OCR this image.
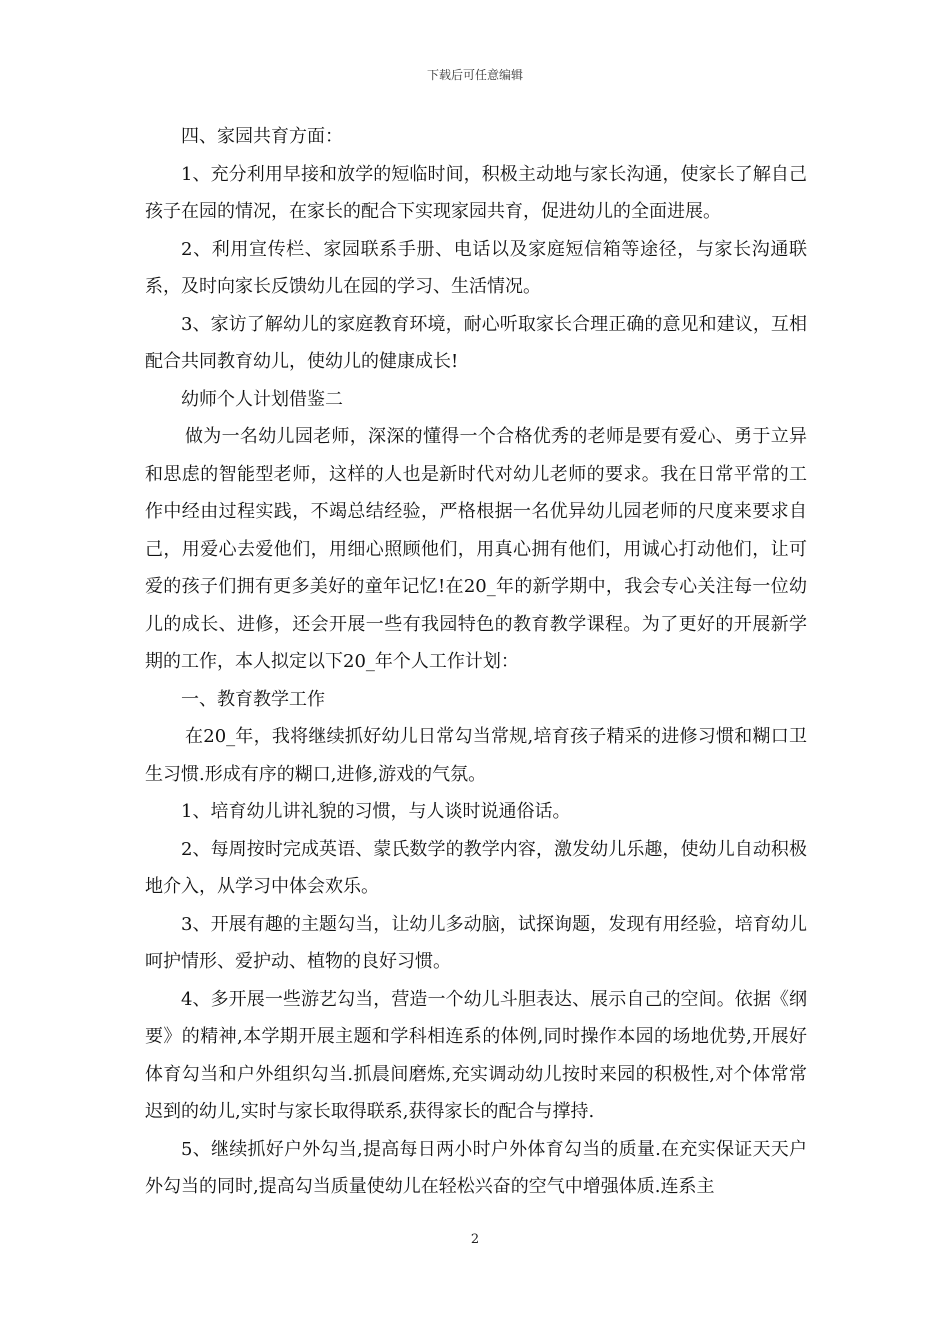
下载后可任意编辑

四、家园共育方面：

1、充分利用早接和放学的短临时间，积极主动地与家长沟通，使家长了解自己孩子在园的情况，在家长的配合下实现家园共育，促进幼儿的全面进展。

2、利用宣传栏、家园联系手册、电话以及家庭短信箱等途径，与家长沟通联系，及时向家长反馈幼儿在园的学习、生活情况。

3、家访了解幼儿的家庭教育环境，耐心听取家长合理正确的意见和建议，互相配合共同教育幼儿，使幼儿的健康成长!

幼师个人计划借鉴二

做为一名幼儿园老师，深深的懂得一个合格优秀的老师是要有爱心、勇于立异和思虑的智能型老师，这样的人也是新时代对幼儿老师的要求。我在日常平常的工作中经由过程实践，不竭总结经验，严格根据一名优异幼儿园老师的尺度来要求自己，用爱心去爱他们，用细心照顾他们，用真心拥有他们，用诚心打动他们，让可爱的孩子们拥有更多美好的童年记忆!在20_年的新学期中，我会专心关注每一位幼儿的成长、进修，还会开展一些有我园特色的教育教学课程。为了更好的开展新学期的工作，本人拟定以下20_年个人工作计划：

一、教育教学工作

在20_年，我将继续抓好幼儿日常勾当常规,培育孩子精采的进修习惯和糊口卫生习惯.形成有序的糊口,进修,游戏的气氛。

1、培育幼儿讲礼貌的习惯，与人谈时说通俗话。

2、每周按时完成英语、蒙氏数学的教学内容，激发幼儿乐趣，使幼儿自动积极地介入，从学习中体会欢乐。

3、开展有趣的主题勾当，让幼儿多动脑，试探询题，发现有用经验，培育幼儿呵护情形、爱护动、植物的良好习惯。

4、多开展一些游艺勾当，营造一个幼儿斗胆表达、展示自己的空间。依据《纲要》的精神,本学期开展主题和学科相连系的体例,同时操作本园的场地优势,开展好体育勾当和户外组织勾当.抓晨间磨炼,充实调动幼儿按时来园的积极性,对个体常常迟到的幼儿,实时与家长取得联系,获得家长的配合与撑持.

5、继续抓好户外勾当,提高每日两小时户外体育勾当的质量.在充实保证天天户外勾当的同时,提高勾当质量使幼儿在轻松兴奋的空气中增强体质.连系主

2
